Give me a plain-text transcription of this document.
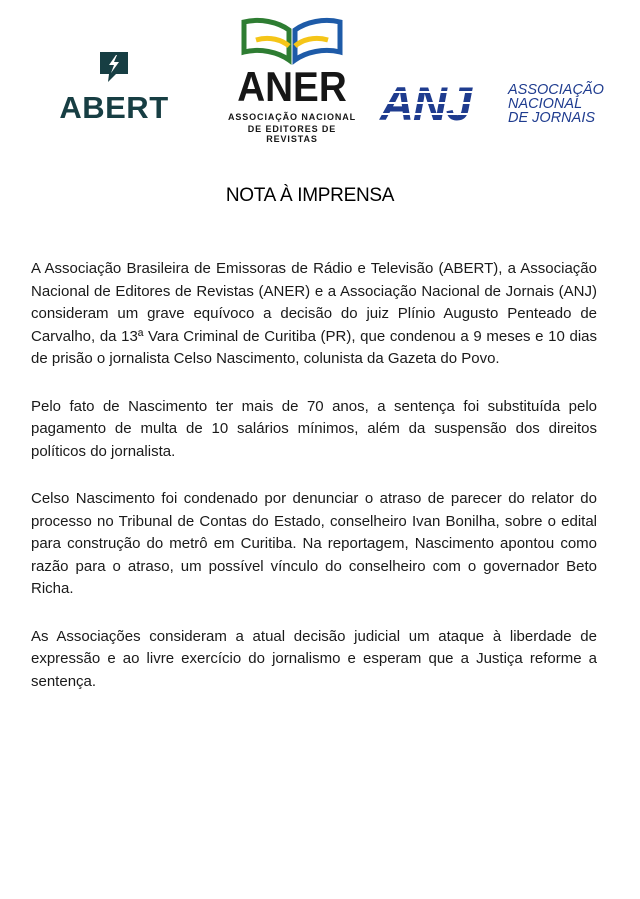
ABERT	ANER
ASSOCIAÇÃO NACIONAL
DE EDITORES DE REVISTAS
ANJ	ASSOCIAÇÃO
NACIONAL
DE JORNAIS
NOTA À IMPRENSA

A Associação Brasileira de Emissoras de Rádio e Televisão (ABERT), a Associação Nacional de Editores de Revistas (ANER) e a Associação Nacional de Jornais (ANJ) consideram um grave equívoco a decisão do juiz Plínio Augusto Penteado de Carvalho, da 13ª Vara Criminal de Curitiba (PR), que condenou a 9 meses e 10 dias de prisão o jornalista Celso Nascimento, colunista da Gazeta do Povo.

Pelo fato de Nascimento ter mais de 70 anos, a sentença foi substituída pelo pagamento de multa de 10 salários mínimos, além da suspensão dos direitos políticos do jornalista.

Celso Nascimento foi condenado por denunciar o atraso de parecer do relator do processo no Tribunal de Contas do Estado, conselheiro Ivan Bonilha, sobre o edital para construção do metrô em Curitiba. Na reportagem, Nascimento apontou como razão para o atraso, um possível vínculo do conselheiro com o governador Beto Richa.

As Associações consideram a atual decisão judicial um ataque à liberdade de expressão e ao livre exercício do jornalismo e esperam que a Justiça reforme a sentença.
